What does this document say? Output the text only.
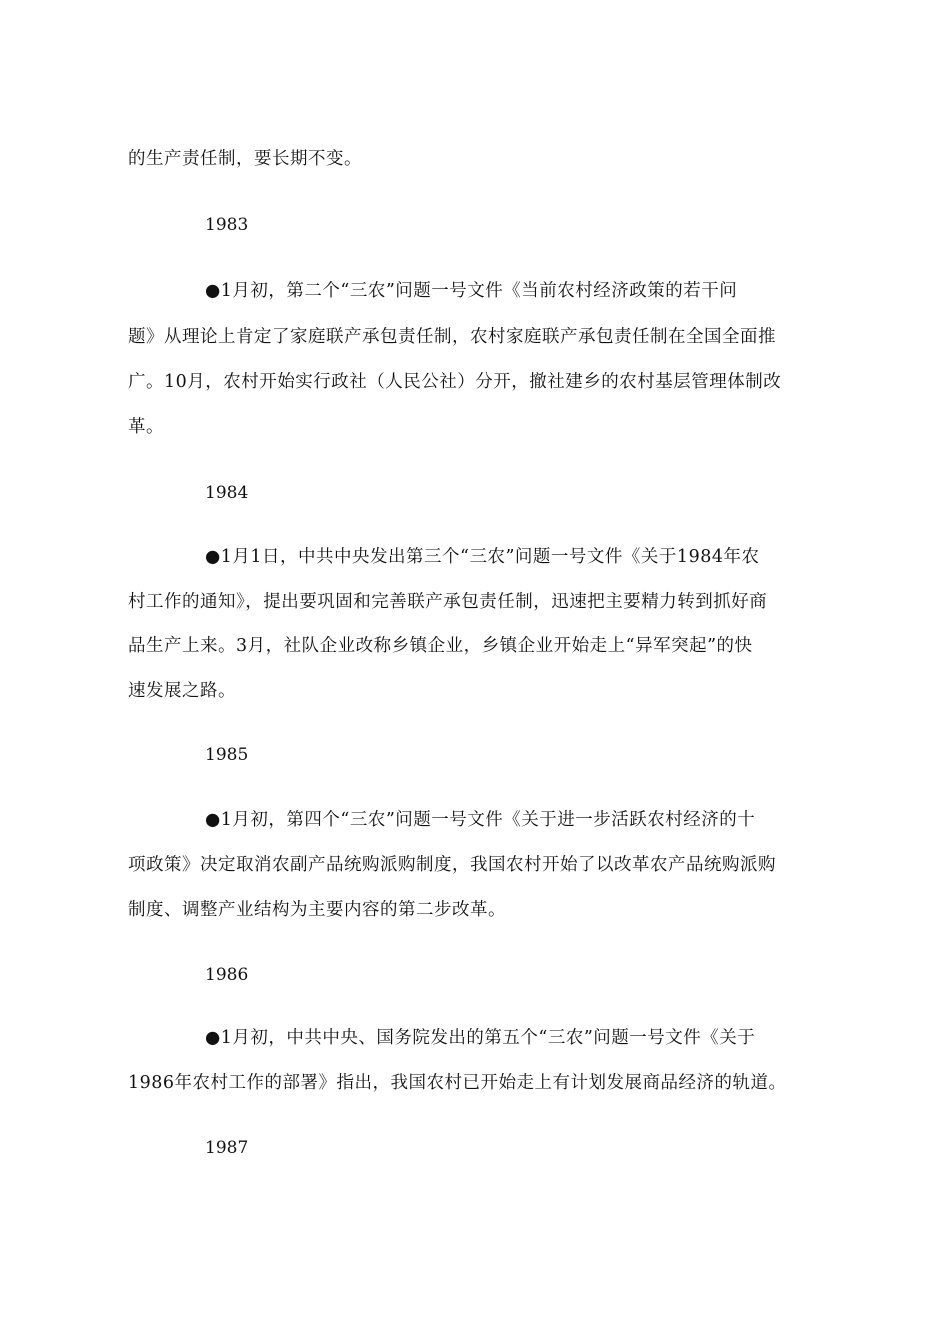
的生产责任制，要长期不变。
1983
●1月初，第二个“三农”问题一号文件《当前农村经济政策的若干问
题》从理论上肯定了家庭联产承包责任制，农村家庭联产承包责任制在全国全面推
广。10月，农村开始实行政社（人民公社）分开，撤社建乡的农村基层管理体制改
革。
1984
●1月1日，中共中央发出第三个“三农”问题一号文件《关于1984年农
村工作的通知》，提出要巩固和完善联产承包责任制，迅速把主要精力转到抓好商
品生产上来。3月，社队企业改称乡镇企业，乡镇企业开始走上“异军突起”的快
速发展之路。
1985
●1月初，第四个“三农”问题一号文件《关于进一步活跃农村经济的十
项政策》决定取消农副产品统购派购制度，我国农村开始了以改革农产品统购派购
制度、调整产业结构为主要内容的第二步改革。
1986
●1月初，中共中央、国务院发出的第五个“三农”问题一号文件《关于
1986年农村工作的部署》指出，我国农村已开始走上有计划发展商品经济的轨道。
1987
